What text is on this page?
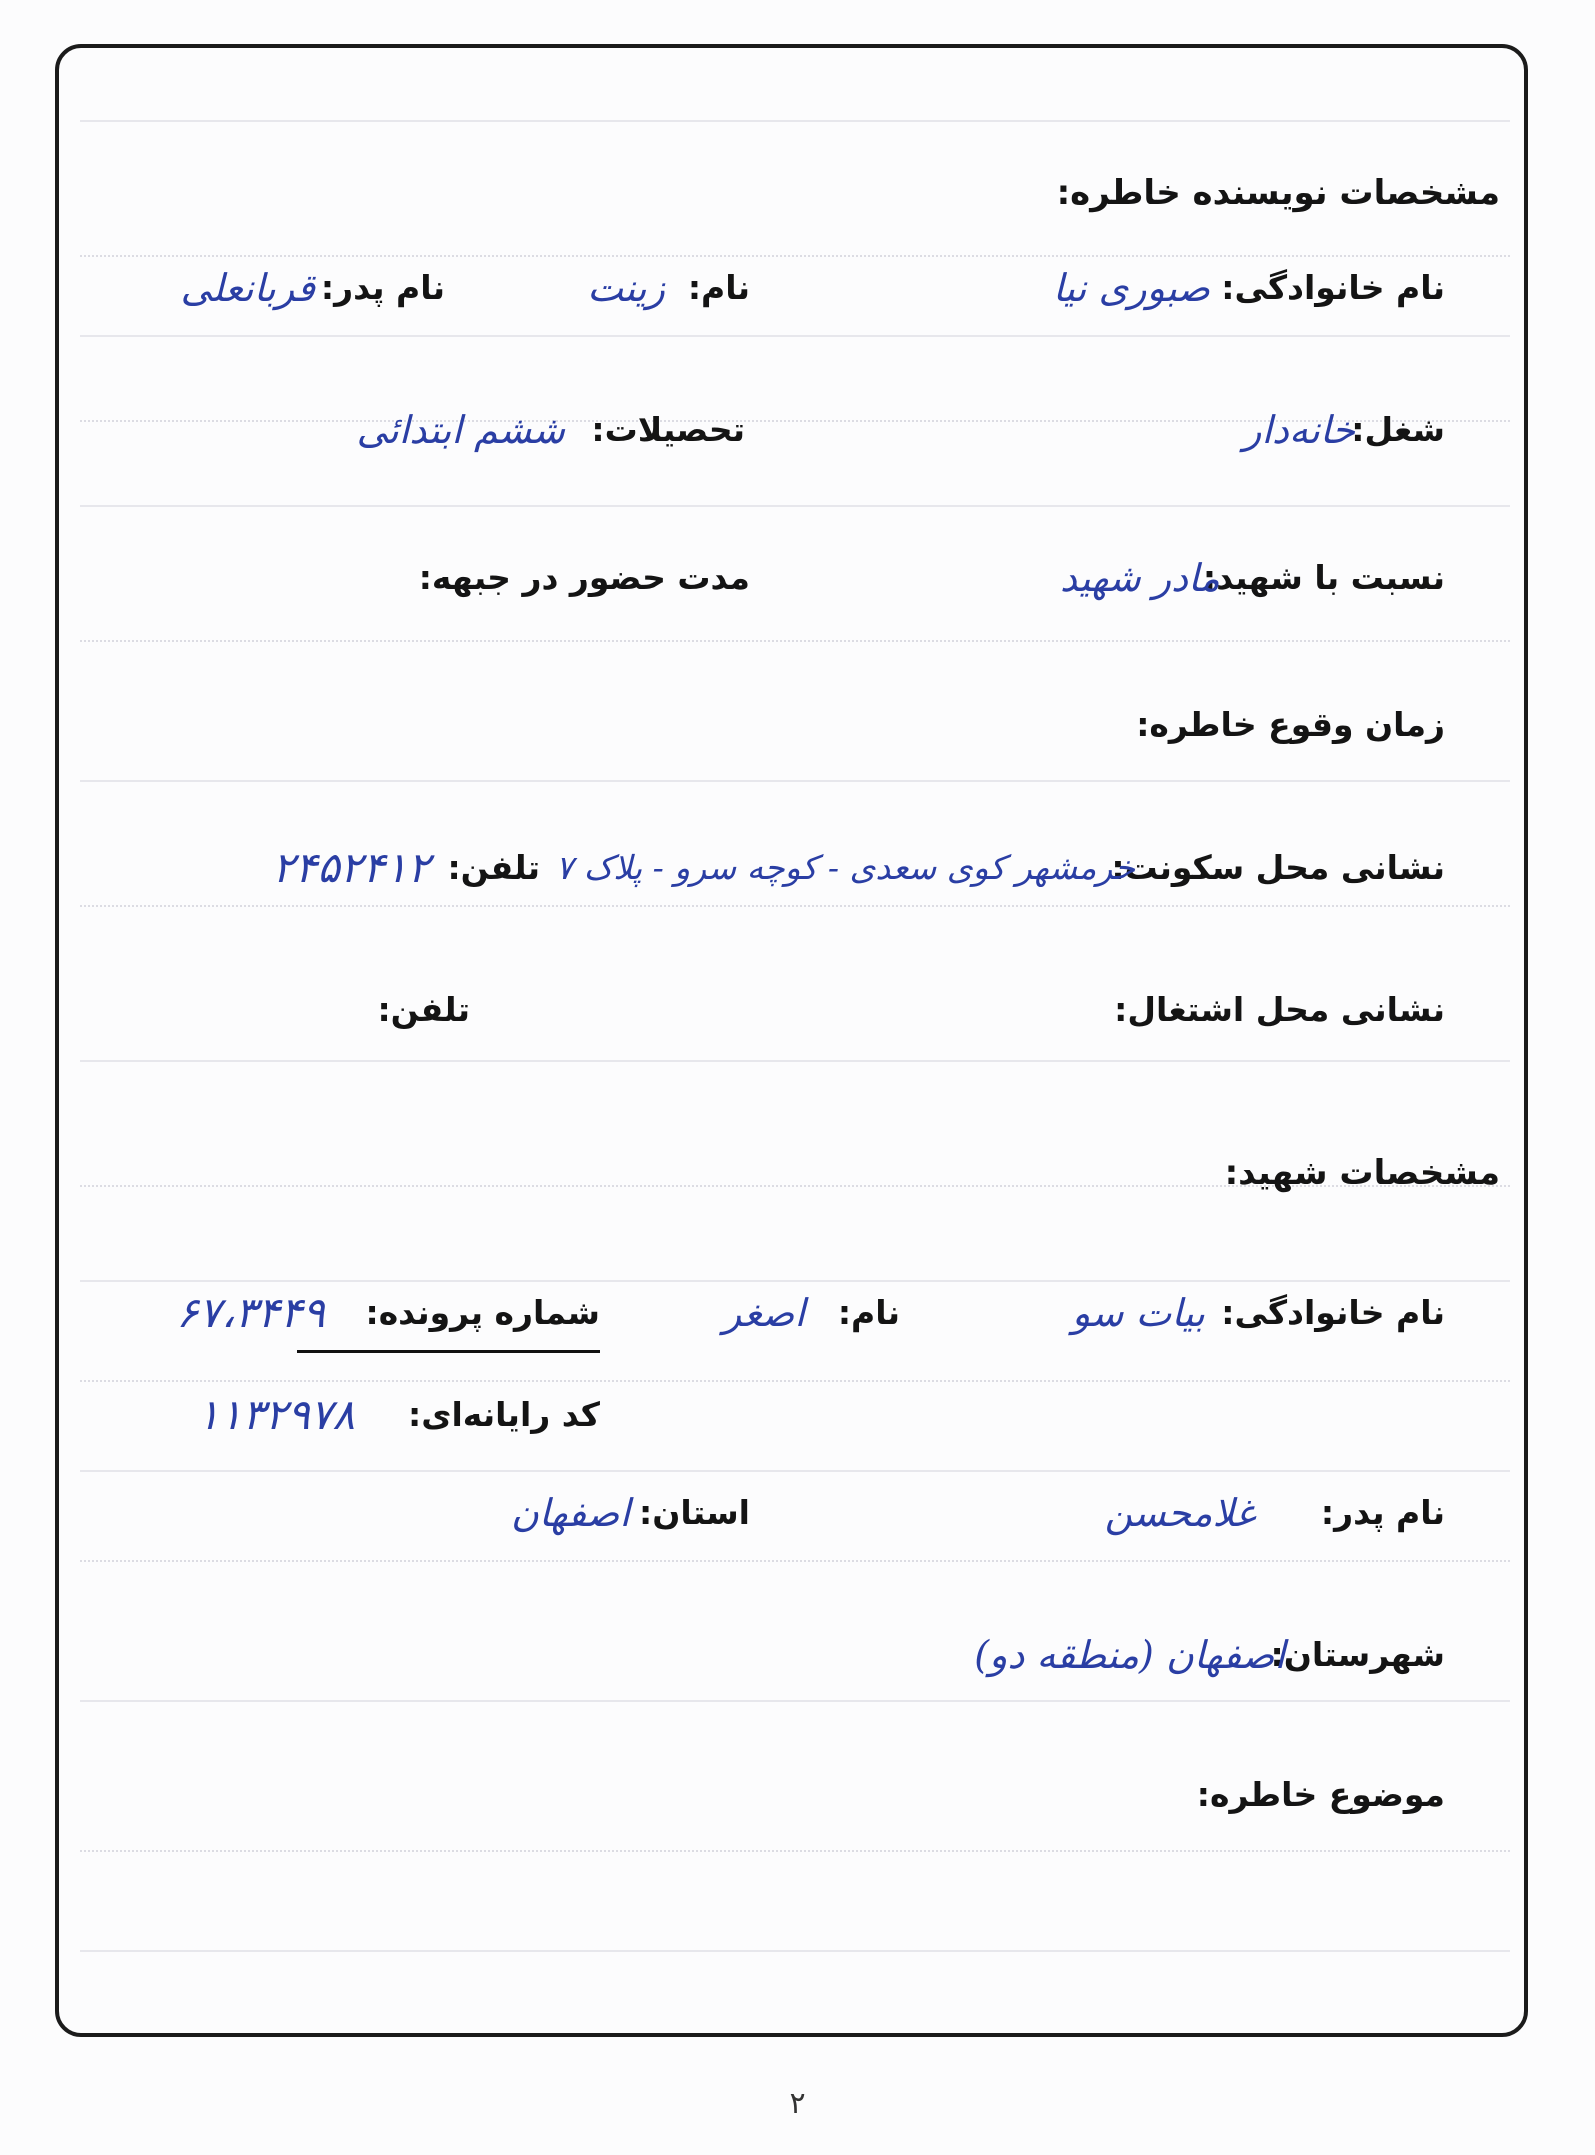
مشخصات نویسنده خاطره:
نام خانوادگی:
صبوری نیا
نام:
زینت
نام پدر:
قربانعلی
شغل:
خانه‌دار
تحصیلات:
ششم ابتدائی
نسبت با شهید:
مادر شهید
مدت حضور در جبهه:
زمان وقوع خاطره:
نشانی محل سکونت:
خرمشهر کوی سعدی - کوچه سرو - پلاک ۷
تلفن:
۲۴۵۲۴۱۲
نشانی محل اشتغال:
تلفن:
مشخصات شهید:
نام خانوادگی:
بیات سو
نام:
اصغر
شماره پرونده:
۶۷،۳۴۴۹
کد رایانه‌ای:
۱۱۳۲۹۷۸
نام پدر:
غلامحسن
استان:
اصفهان
شهرستان:
اصفهان (منطقه دو)
موضوع خاطره:
۲
